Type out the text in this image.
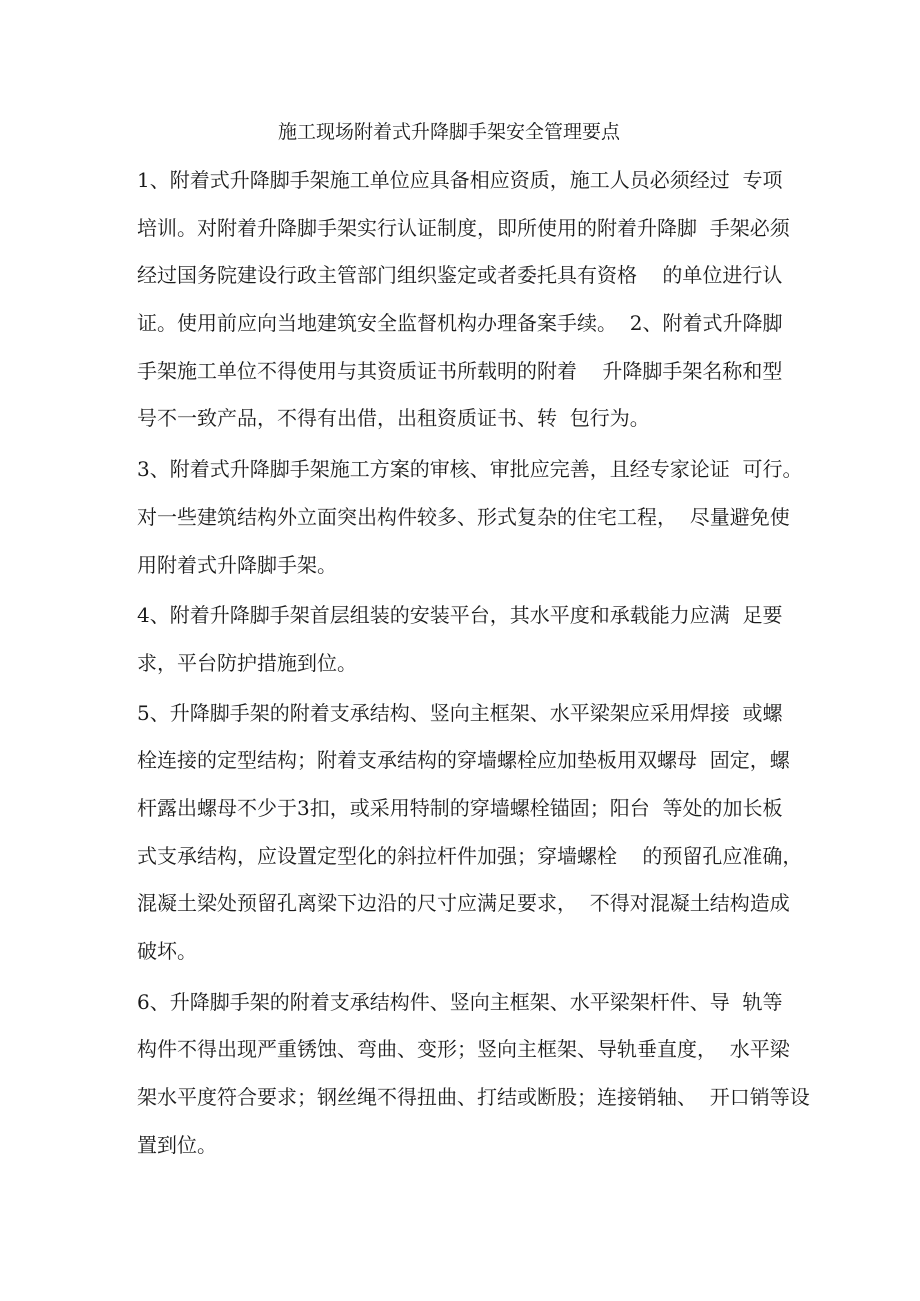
施工现场附着式升降脚手架安全管理要点
1、附着式升降脚手架施工单位应具备相应资质，施工人员必须经过  专项
培训。对附着升降脚手架实行认证制度，即所使用的附着升降脚  手架必须
经过国务院建设行政主管部门组织鉴定或者委托具有资格    的单位进行认
证。使用前应向当地建筑安全监督机构办理备案手续。  2、附着式升降脚
手架施工单位不得使用与其资质证书所载明的附着    升降脚手架名称和型
号不一致产品，不得有出借，出租资质证书、转  包行为。
3、附着式升降脚手架施工方案的审核、审批应完善，且经专家论证  可行。
对一些建筑结构外立面突出构件较多、形式复杂的住宅工程，  尽量避免使
用附着式升降脚手架。
4、附着升降脚手架首层组装的安装平台，其水平度和承载能力应满  足要
求，平台防护措施到位。
5、升降脚手架的附着支承结构、竖向主框架、水平梁架应采用焊接  或螺
栓连接的定型结构；附着支承结构的穿墙螺栓应加垫板用双螺母  固定，螺
杆露出螺母不少于3扣，或采用特制的穿墙螺栓锚固；阳台  等处的加长板
式支承结构，应设置定型化的斜拉杆件加强；穿墙螺栓    的预留孔应准确，
混凝土梁处预留孔离梁下边沿的尺寸应满足要求，  不得对混凝土结构造成
破坏。
6、升降脚手架的附着支承结构件、竖向主框架、水平梁架杆件、导  轨等
构件不得出现严重锈蚀、弯曲、变形；竖向主框架、导轨垂直度，  水平梁
架水平度符合要求；钢丝绳不得扭曲、打结或断股；连接销轴、  开口销等设
置到位。
